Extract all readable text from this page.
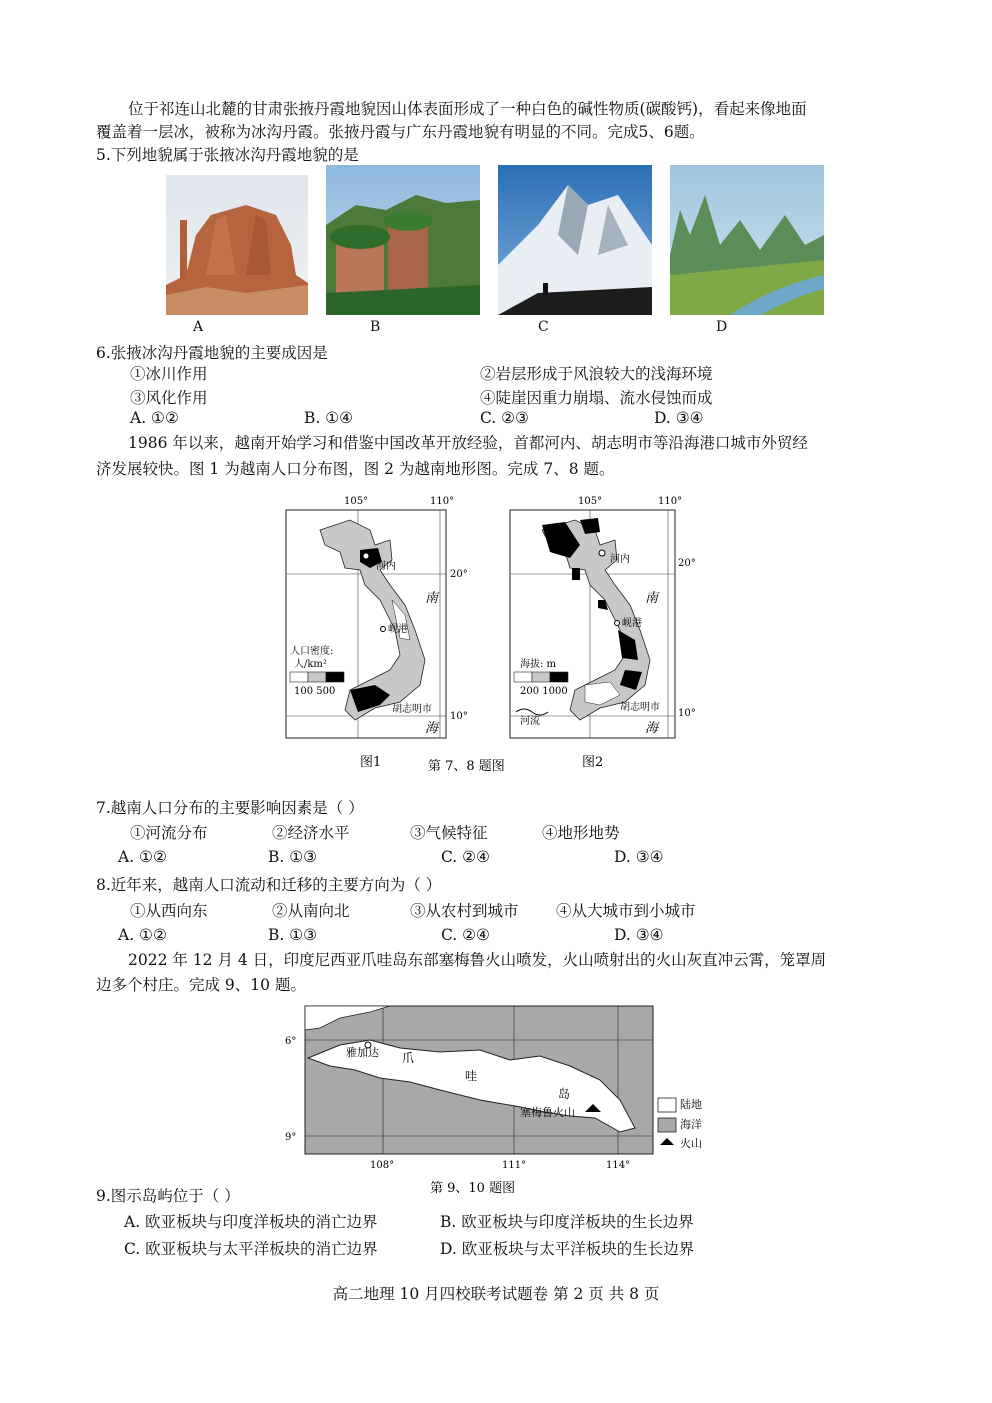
位于祁连山北麓的甘肃张掖丹霞地貌因山体表面形成了一种白色的碱性物质(碳酸钙)，看起来像地面
覆盖着一层冰，被称为冰沟丹霞。张掖丹霞与广东丹霞地貌有明显的不同。完成5、6题。
5.下列地貌属于张掖冰沟丹霞地貌的是
A	B	C	D
6.张掖冰沟丹霞地貌的主要成因是
①冰川作用	②岩层形成于风浪较大的浅海环境
③风化作用	④陡崖因重力崩塌、流水侵蚀而成
A. ①②	B. ①④	C. ②③	D. ③④
1986 年以来，越南开始学习和借鉴中国改革开放经验，首都河内、胡志明市等沿海港口城市外贸经
济发展较快。图 1 为越南人口分布图，图 2 为越南地形图。完成 7、8 题。
105°	110°
20°
10°
河内
岘港
胡志明市
南
海
人口密度:
人/km²
100 500
105°	110°
20°
10°
河内
岘港
胡志明市
南
海
海拔: m
200 1000
河流
图1	第 7、8 题图	图2
7.越南人口分布的主要影响因素是（ ）
①河流分布	②经济水平	③气候特征	④地形地势
A. ①②	B. ①③	C. ②④	D. ③④
8.近年来，越南人口流动和迁移的主要方向为（ ）
①从西向东	②从南向北	③从农村到城市 ④从大城市到小城市
A. ①②	B. ①③	C. ②④	D. ③④
2022 年 12 月 4 日，印度尼西亚爪哇岛东部塞梅鲁火山喷发，火山喷射出的火山灰直冲云霄，笼罩周
边多个村庄。完成 9、10 题。
6°
9°
108°	111°	114°
雅加达 爪
哇
岛
塞梅鲁火山
陆地
海洋
火山
第 9、10 题图
9.图示岛屿位于（ ）
A. 欧亚板块与印度洋板块的消亡边界	B. 欧亚板块与印度洋板块的生长边界
C. 欧亚板块与太平洋板块的消亡边界	D. 欧亚板块与太平洋板块的生长边界
高二地理 10 月四校联考试题卷 第 2 页 共 8 页
